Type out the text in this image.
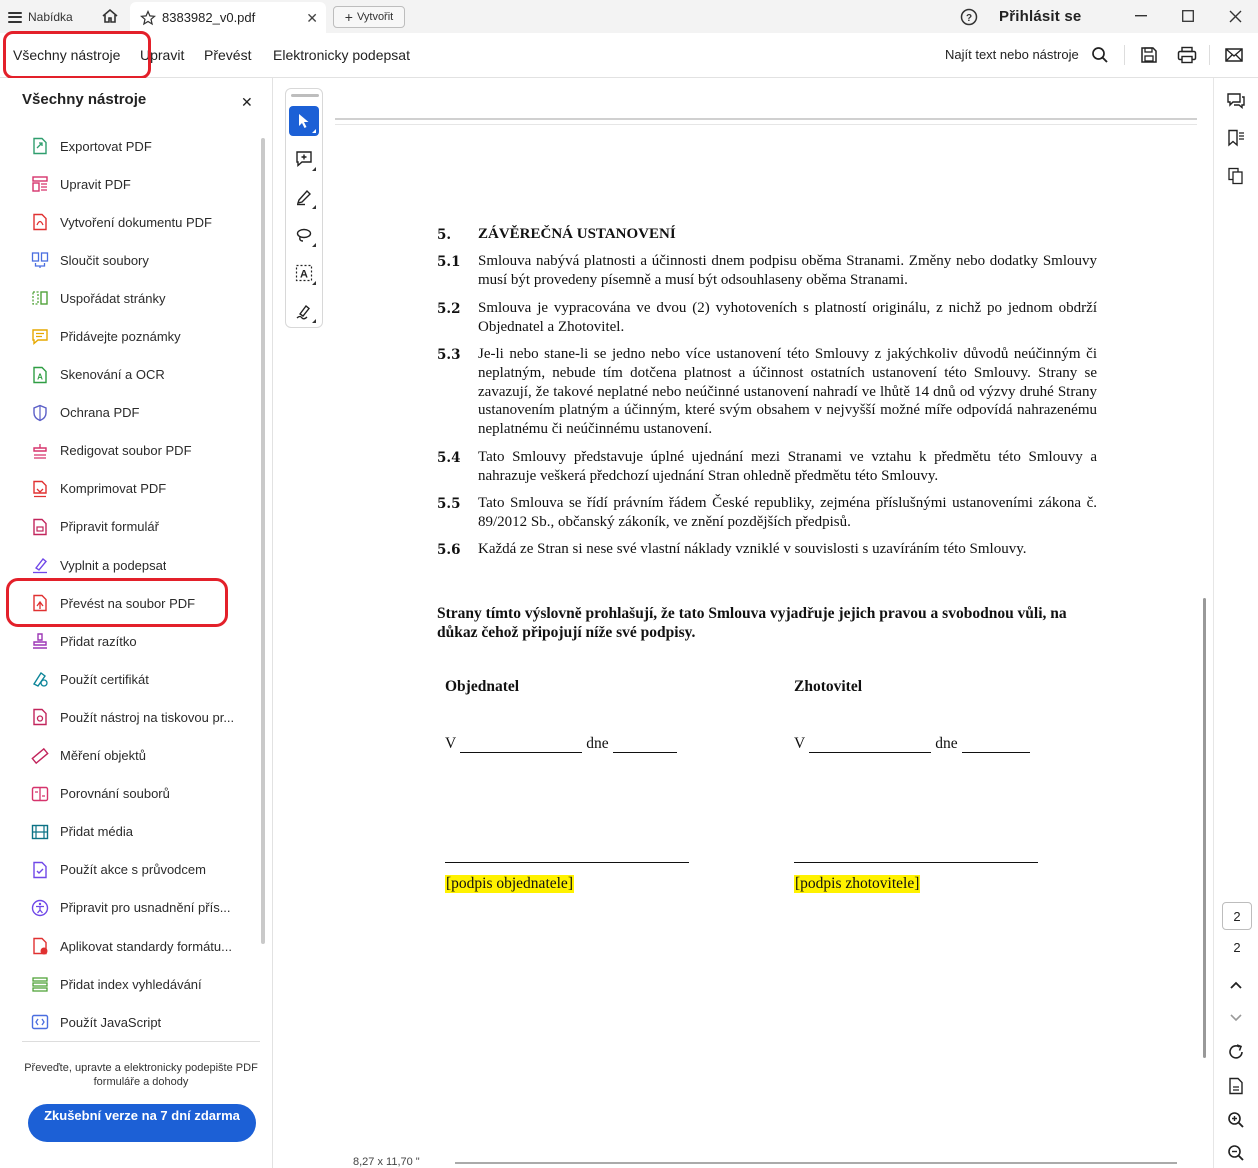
Nabídka	8383982_v0.pdf	✕ + Vytvořit	? Přihlásit se
Všechny nástroje Upravit Převést Elektronicky podepsat	Najít text nebo nástroje
Všechny nástroje	✕
Exportovat PDF
Upravit PDF
Vytvoření dokumentu PDF
Sloučit soubory
Uspořádat stránky
Přidávejte poznámky
A Skenování a OCR
Ochrana PDF
Redigovat soubor PDF
Komprimovat PDF
Připravit formulář
Vyplnit a podepsat
Převést na soubor PDF
Přidat razítko
Použít certifikát
Použít nástroj na tiskovou pr...
Měření objektů
Porovnání souborů
Přidat média
Použít akce s průvodcem
Připravit pro usnadnění přís...
Aplikovat standardy formátu...
Přidat index vyhledávání
Použít JavaScript
Převeďte, upravte a elektronicky podepište PDF formuláře a dohody
Zkušební verze na 7 dní zdarma
A
5. ZÁVĚREČNÁ USTANOVENÍ
5.1 Smlouva nabývá platnosti a účinnosti dnem podpisu oběma Stranami. Změny nebo dodatky Smlouvy musí být provedeny písemně a musí být odsouhlaseny oběma Stranami.
5.2 Smlouva je vypracována ve dvou (2) vyhotoveních s platností originálu, z nichž po jednom obdrží Objednatel a Zhotovitel.
5.3 Je-li nebo stane-li se jedno nebo více ustanovení této Smlouvy z jakýchkoliv důvodů neúčinným či neplatným, nebude tím dotčena platnost a účinnost ostatních ustanovení této Smlouvy. Strany se zavazují, že takové neplatné nebo neúčinné ustanovení nahradí ve lhůtě 14 dnů od výzvy druhé Strany ustanovením platným a účinným, které svým obsahem v nejvyšší možné míře odpovídá nahrazenému neplatnému či neúčinnému ustanovení.
5.4 Tato Smlouvy představuje úplné ujednání mezi Stranami ve vztahu k předmětu této Smlouvy a nahrazuje veškerá předchozí ujednání Stran ohledně předmětu této Smlouvy.
5.5 Tato Smlouva se řídí právním řádem České republiky, zejména příslušnými ustanoveními zákona č. 89/2012 Sb., občanský zákoník, ve znění pozdějších předpisů.
5.6 Každá ze Stran si nese své vlastní náklady vzniklé v souvislosti s uzavíráním této Smlouvy.
Strany tímto výslovně prohlašují, že tato Smlouva vyjadřuje jejich pravou a svobodnou vůli, na důkaz čehož připojují níže své podpisy.
Objednatel	Zhotovitel
V	dne	V	dne
[podpis objednatele]	[podpis zhotovitele]
8,27 x 11,70 "
2
2
